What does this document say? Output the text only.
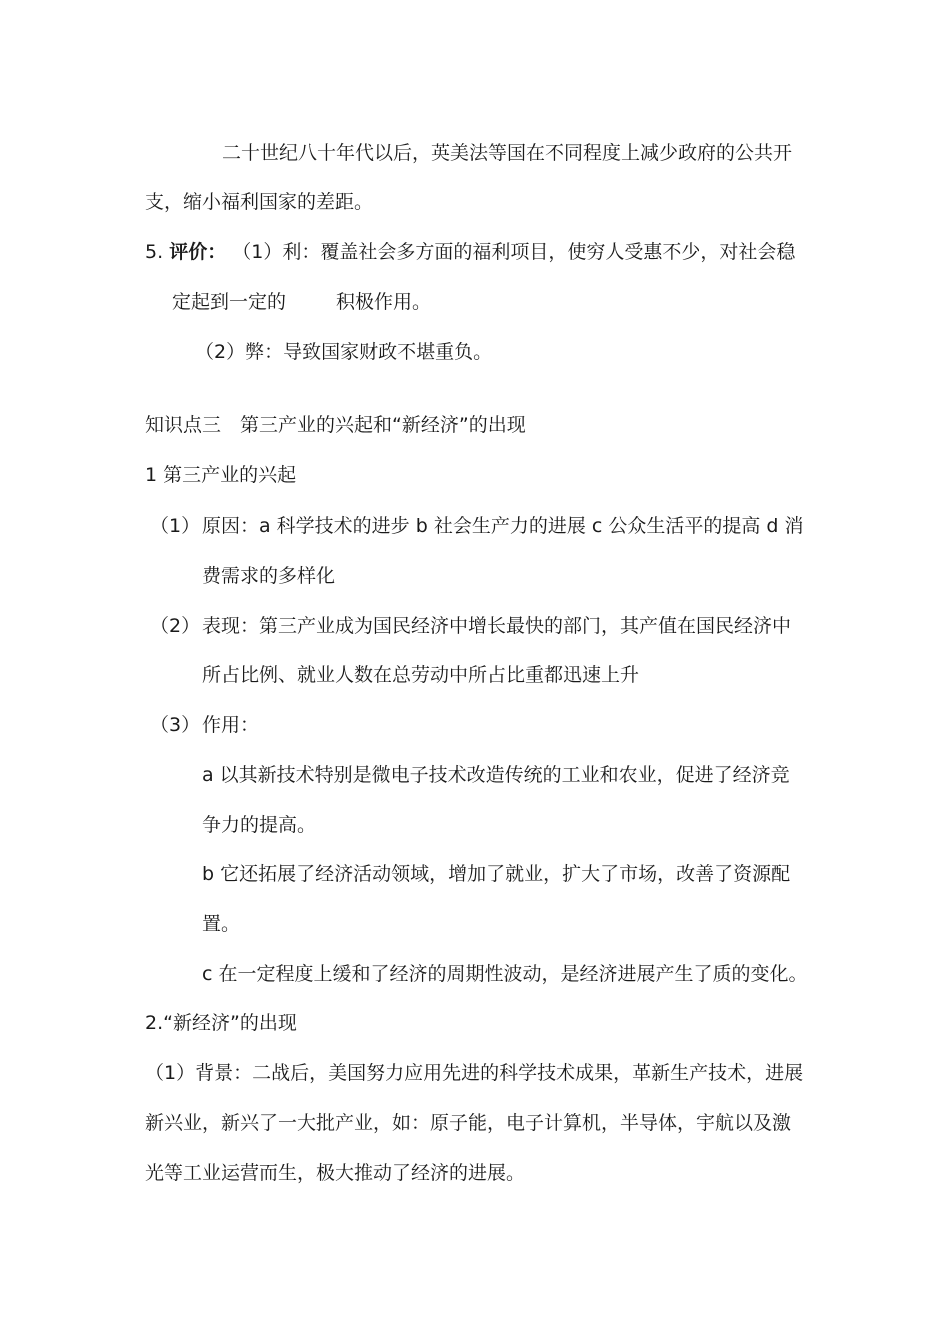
二十世纪八十年代以后，英美法等国在不同程度上减少政府的公共开
支，缩小福利国家的差距。
5. 评价： （1）利：覆盖社会多方面的福利项目，使穷人受惠不少，对社会稳
定起到一定的	积极作用。
（2）弊：导致国家财政不堪重负。
知识点三　第三产业的兴起和“新经济”的出现
1 第三产业的兴起
（1） 原因：a 科学技术的进步 b 社会生产力的进展 c 公众生活平的提高 d 消
费需求的多样化
（2） 表现：第三产业成为国民经济中增长最快的部门，其产值在国民经济中
所占比例、就业人数在总劳动中所占比重都迅速上升
（3） 作用：
a 以其新技术特别是微电子技术改造传统的工业和农业，促进了经济竞
争力的提高。
b 它还拓展了经济活动领域，增加了就业，扩大了市场，改善了资源配
置。
c 在一定程度上缓和了经济的周期性波动，是经济进展产生了质的变化。
2.“新经济”的出现
（1）背景：二战后，美国努力应用先进的科学技术成果，革新生产技术，进展
新兴业，新兴了一大批产业，如：原子能，电子计算机，半导体，宇航以及激
光等工业运营而生，极大推动了经济的进展。
